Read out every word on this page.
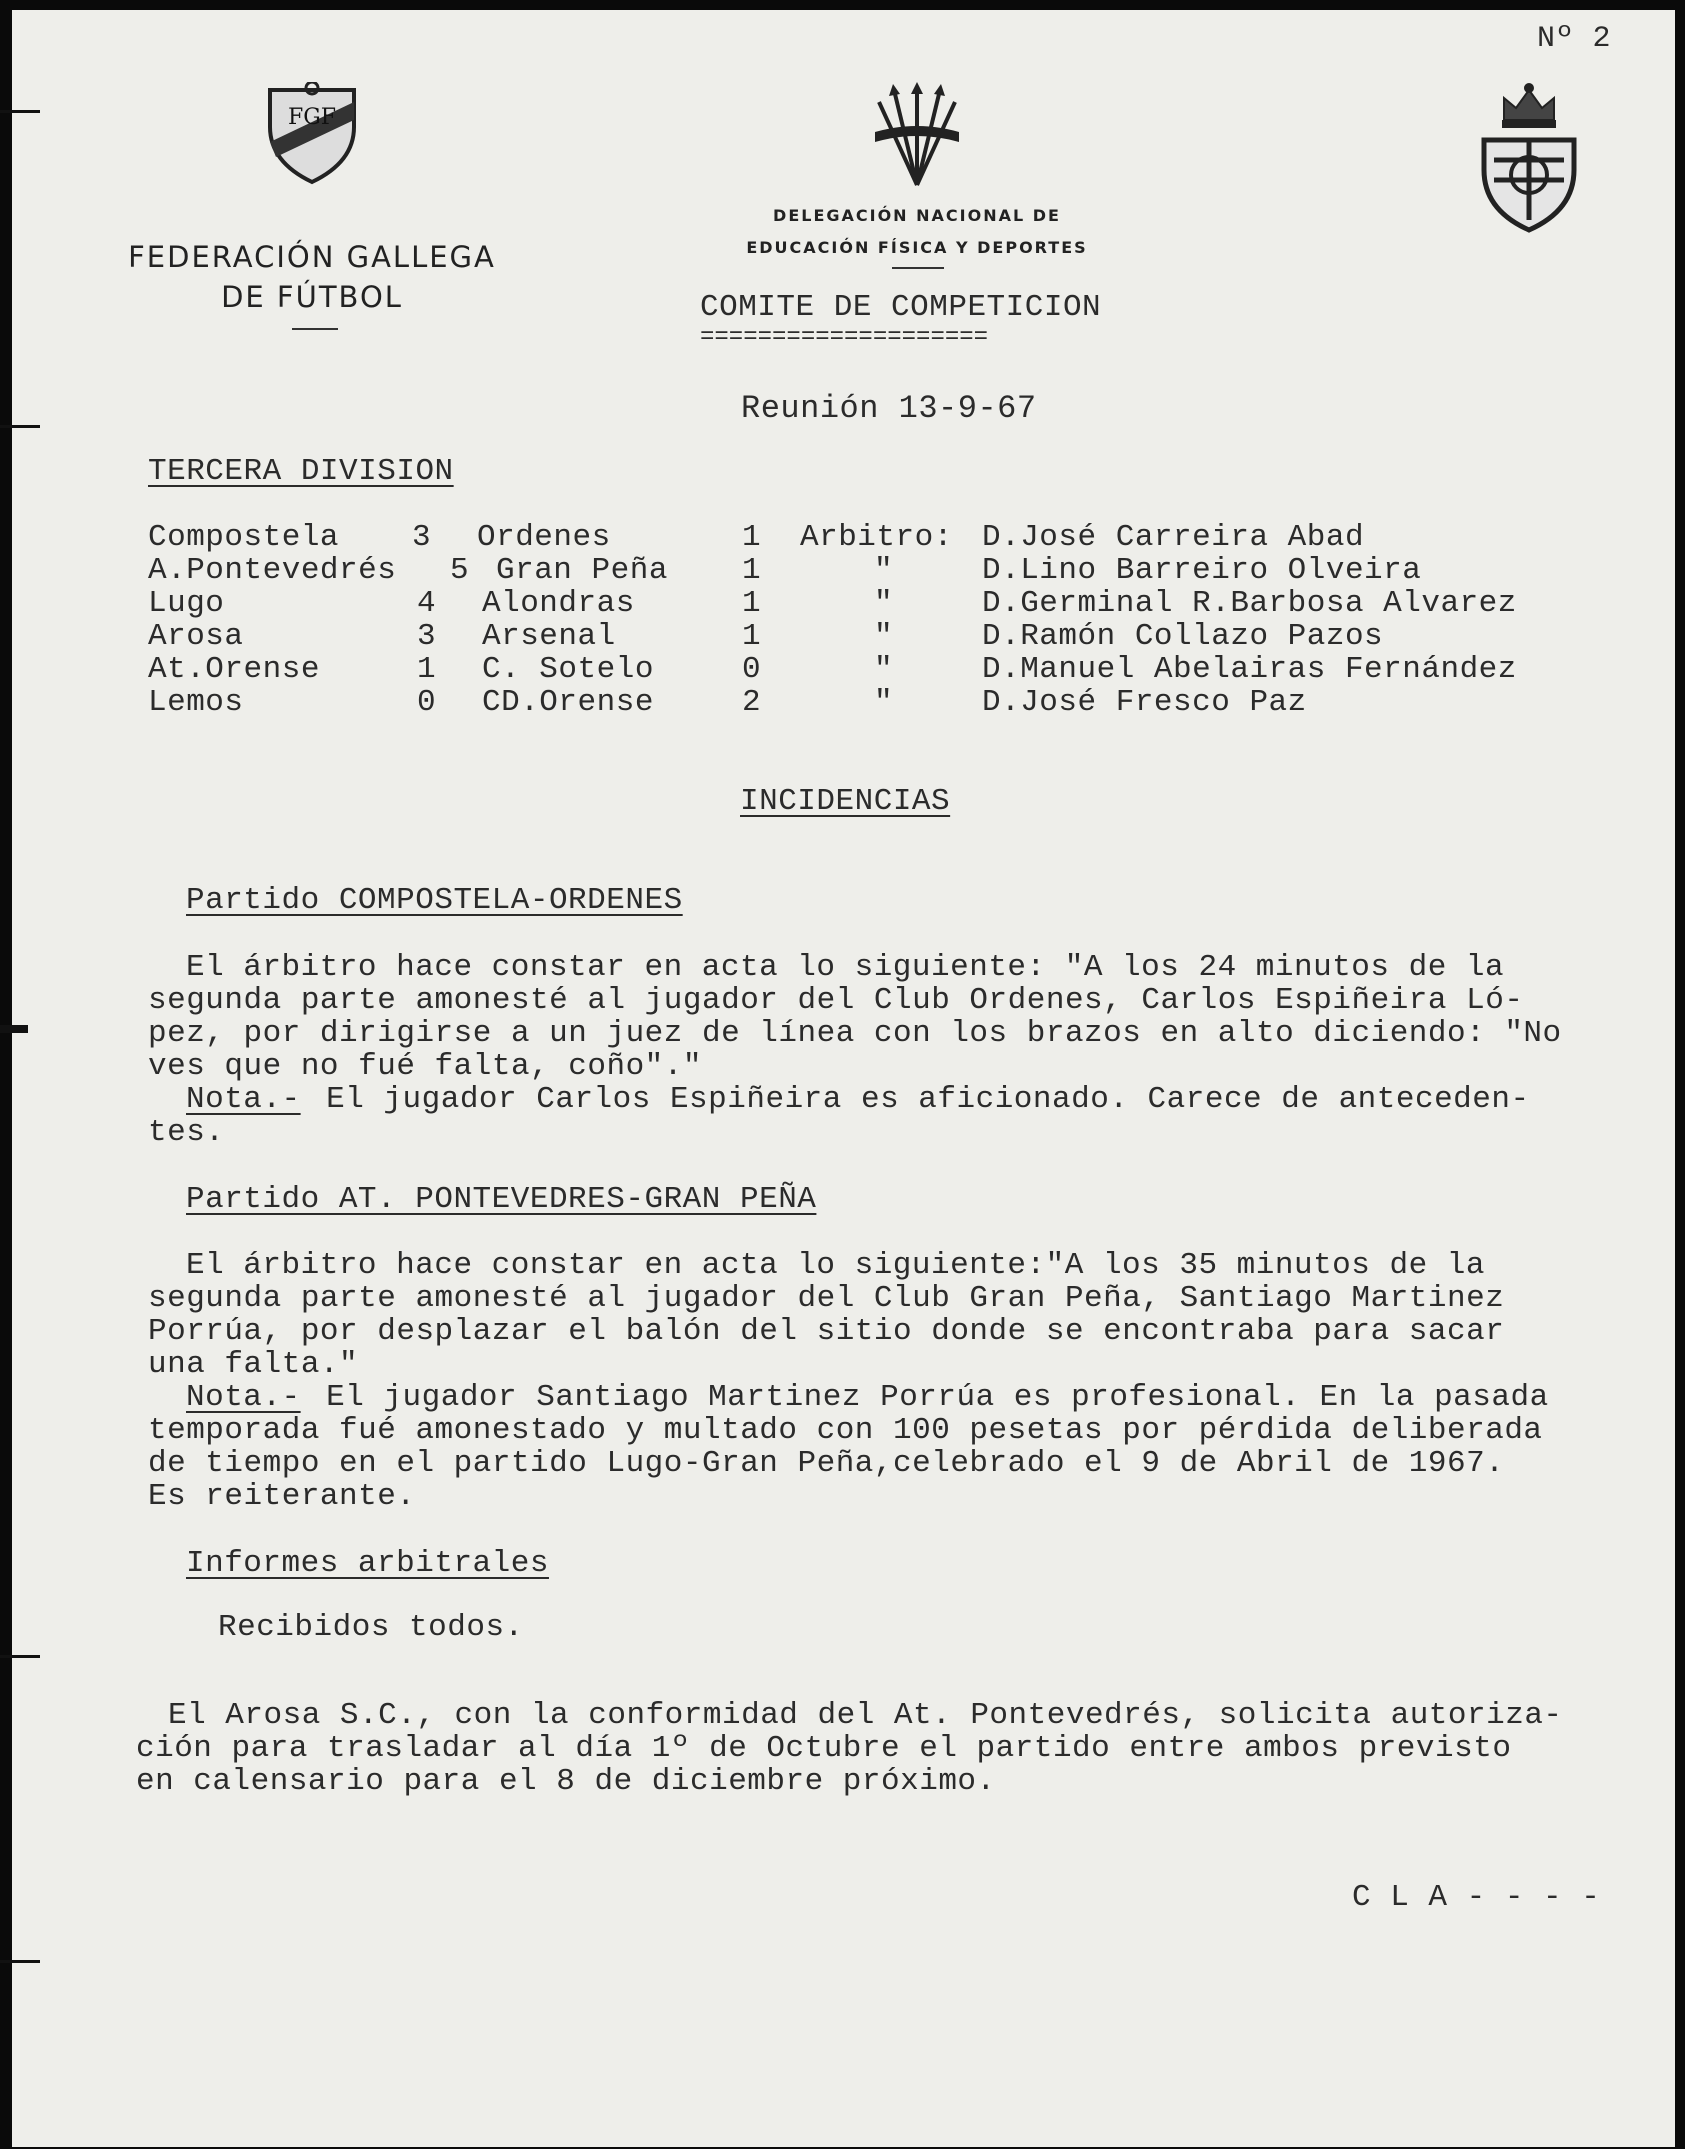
Nº 2
FGF
FEDERACIÓN GALLEGA
DE FÚTBOL
DELEGACIÓN NACIONAL DE
EDUCACIÓN FÍSICA Y DEPORTES
COMITE DE COMPETICION
====================
Reunión 13-9-67
TERCERA DIVISION
Compostela 3 Ordenes	1 Arbitro: D.José Carreira Abad
A.Pontevedrés 5 Gran Peña 1	"	D.Lino Barreiro Olveira
Lugo	4 Alondras	1	"	D.Germinal R.Barbosa Alvarez
Arosa	3 Arsenal	1	"	D.Ramón Collazo Pazos
At.Orense	1 C. Sotelo	0	"	D.Manuel Abelairas Fernández
Lemos	0 CD.Orense	2	"	D.José Fresco Paz
INCIDENCIAS
Partido COMPOSTELA-ORDENES
El árbitro hace constar en acta lo siguiente: "A los 24 minutos de la
segunda parte amonesté al jugador del Club Ordenes, Carlos Espiñeira Ló-
pez, por dirigirse a un juez de línea con los brazos en alto diciendo: "No
ves que no fué falta, coño"."
Nota.- El jugador Carlos Espiñeira es aficionado. Carece de anteceden-
tes.
Partido AT. PONTEVEDRES-GRAN PEÑA
El árbitro hace constar en acta lo siguiente:"A los 35 minutos de la
segunda parte amonesté al jugador del Club Gran Peña, Santiago Martinez
Porrúa, por desplazar el balón del sitio donde se encontraba para sacar
una falta."
Nota.- El jugador Santiago Martinez Porrúa es profesional. En la pasada
temporada fué amonestado y multado con 100 pesetas por pérdida deliberada
de tiempo en el partido Lugo-Gran Peña,celebrado el 9 de Abril de 1967.
Es reiterante.
Informes arbitrales
Recibidos todos.
El Arosa S.C., con la conformidad del At. Pontevedrés, solicita autoriza-
ción para trasladar al día 1º de Octubre el partido entre ambos previsto
en calensario para el 8 de diciembre próximo.
C L A - - - -
